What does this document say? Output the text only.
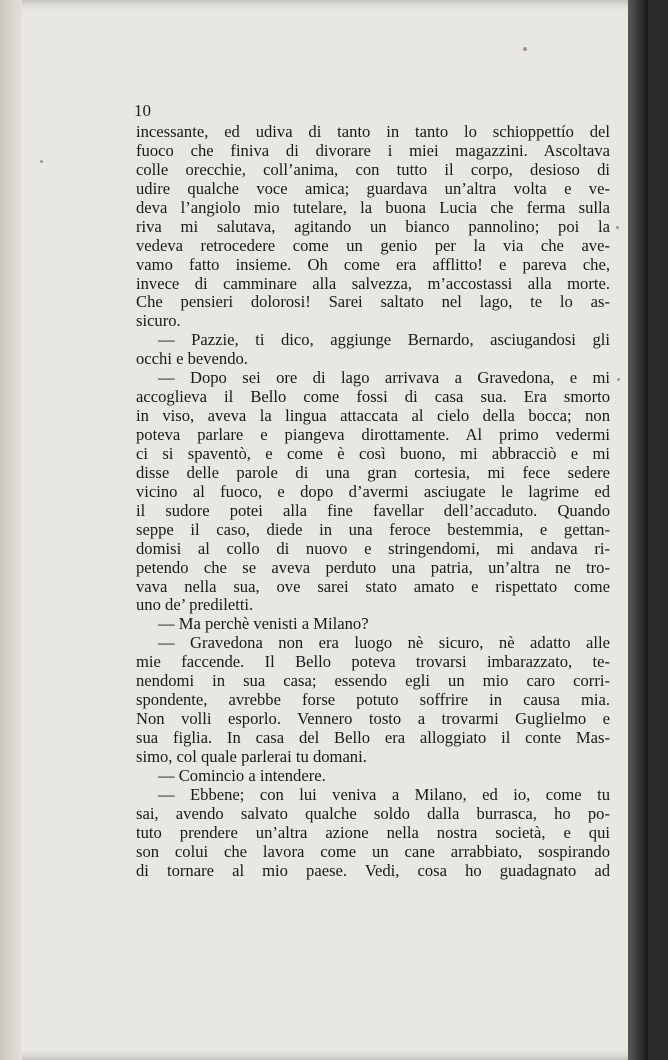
10
incessante, ed udiva di tanto in tanto lo schioppettío del
fuoco che finiva di divorare i miei magazzini. Ascoltava
colle orecchie, coll’anima, con tutto il corpo, desioso di
udire qualche voce amica; guardava un’altra volta e ve-
deva l’angiolo mio tutelare, la buona Lucia che ferma sulla
riva mi salutava, agitando un bianco pannolino; poi la
vedeva retrocedere come un genio per la via che ave-
vamo fatto insieme. Oh come era afflitto! e pareva che,
invece di camminare alla salvezza, m’accostassi alla morte.
Che pensieri dolorosi! Sarei saltato nel lago, te lo as-
sicuro.
— Pazzie, ti dico, aggiunge Bernardo, asciugandosi gli
occhi e bevendo.
— Dopo sei ore di lago arrivava a Gravedona, e mi
accoglieva il Bello come fossi di casa sua. Era smorto
in viso, aveva la lingua attaccata al cielo della bocca; non
poteva parlare e piangeva dirottamente. Al primo vedermi
ci si spaventò, e come è così buono, mi abbracciò e mi
disse delle parole di una gran cortesia, mi fece sedere
vicino al fuoco, e dopo d’avermi asciugate le lagrime ed
il sudore potei alla fine favellar dell’accaduto. Quando
seppe il caso, diede in una feroce bestemmia, e gettan-
domisi al collo di nuovo e stringendomi, mi andava ri-
petendo che se aveva perduto una patria, un’altra ne tro-
vava nella sua, ove sarei stato amato e rispettato come
uno de’ prediletti.
— Ma perchè venisti a Milano?
— Gravedona non era luogo nè sicuro, nè adatto alle
mie faccende. Il Bello poteva trovarsi imbarazzato, te-
nendomi in sua casa; essendo egli un mio caro corri-
spondente, avrebbe forse potuto soffrire in causa mia.
Non volli esporlo. Vennero tosto a trovarmi Guglielmo e
sua figlia. In casa del Bello era alloggiato il conte Mas-
simo, col quale parlerai tu domani.
— Comincio a intendere.
— Ebbene; con lui veniva a Milano, ed io, come tu
sai, avendo salvato qualche soldo dalla burrasca, ho po-
tuto prendere un’altra azione nella nostra società, e qui
son colui che lavora come un cane arrabbiato, sospirando
di tornare al mio paese. Vedi, cosa ho guadagnato ad
